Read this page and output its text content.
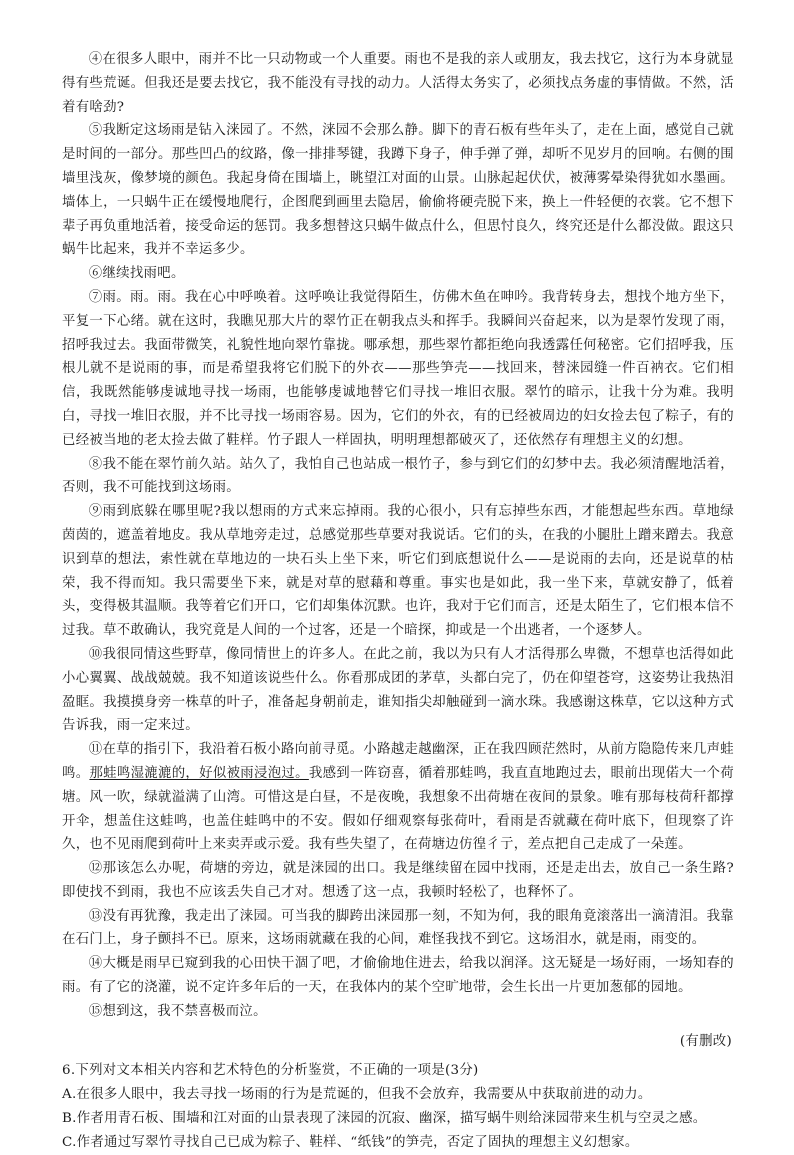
④在很多人眼中，雨并不比一只动物或一个人重要。雨也不是我的亲人或朋友，我去找它，这行为本身就显得有些荒诞。但我还是要去找它，我不能没有寻找的动力。人活得太务实了，必须找点务虚的事情做。不然，活着有啥劲?

⑤我断定这场雨是钻入涞园了。不然，涞园不会那么静。脚下的青石板有些年头了，走在上面，感觉自己就是时间的一部分。那些凹凸的纹路，像一排排琴键，我蹲下身子，伸手弹了弹，却听不见岁月的回响。右侧的围墙里浅灰，像梦境的颜色。我起身倚在围墙上，眺望江对面的山景。山脉起起伏伏，被薄雾晕染得犹如水墨画。墙体上，一只蜗牛正在缓慢地爬行，企图爬到画里去隐居，偷偷将硬壳脱下来，换上一件轻便的衣裳。它不想下辈子再负重地活着，接受命运的惩罚。我多想替这只蜗牛做点什么，但思忖良久，终究还是什么都没做。跟这只蜗牛比起来，我并不幸运多少。

⑥继续找雨吧。

⑦雨。雨。雨。我在心中呼唤着。这呼唤让我觉得陌生，仿佛木鱼在呻吟。我背转身去，想找个地方坐下，平复一下心绪。就在这时，我瞧见那大片的翠竹正在朝我点头和挥手。我瞬间兴奋起来，以为是翠竹发现了雨，招呼我过去。我面带微笑，礼貌性地向翠竹靠拢。哪承想，那些翠竹都拒绝向我透露任何秘密。它们招呼我，压根儿就不是说雨的事，而是希望我将它们脱下的外衣——那些笋壳——找回来，替涞园缝一件百衲衣。它们相信，我既然能够虔诚地寻找一场雨，也能够虔诚地替它们寻找一堆旧衣服。翠竹的暗示，让我十分为难。我明白，寻找一堆旧衣服，并不比寻找一场雨容易。因为，它们的外衣，有的已经被周边的妇女捡去包了粽子，有的已经被当地的老太捡去做了鞋样。竹子跟人一样固执，明明理想都破灭了，还依然存有理想主义的幻想。

⑧我不能在翠竹前久站。站久了，我怕自己也站成一根竹子，参与到它们的幻梦中去。我必须清醒地活着，否则，我不可能找到这场雨。

⑨雨到底躲在哪里呢?我以想雨的方式来忘掉雨。我的心很小，只有忘掉些东西，才能想起些东西。草地绿茵茵的，遮盖着地皮。我从草地旁走过，总感觉那些草要对我说话。它们的头，在我的小腿肚上蹭来蹭去。我意识到草的想法，索性就在草地边的一块石头上坐下来，听它们到底想说什么——是说雨的去向，还是说草的枯荣，我不得而知。我只需要坐下来，就是对草的慰藉和尊重。事实也是如此，我一坐下来，草就安静了，低着头，变得极其温顺。我等着它们开口，它们却集体沉默。也许，我对于它们而言，还是太陌生了，它们根本信不过我。草不敢确认，我究竟是人间的一个过客，还是一个暗探，抑或是一个出逃者，一个逐梦人。

⑩我很同情这些野草，像同情世上的许多人。在此之前，我以为只有人才活得那么卑微，不想草也活得如此小心翼翼、战战兢兢。我不知道该说些什么。你看那成团的茅草，头都白完了，仍在仰望苍穹，这姿势让我热泪盈眶。我摸摸身旁一株草的叶子，准备起身朝前走，谁知指尖却触碰到一滴水珠。我感谢这株草，它以这种方式告诉我，雨一定来过。

⑪在草的指引下，我沿着石板小路向前寻觅。小路越走越幽深，正在我四顾茫然时，从前方隐隐传来几声蛙鸣。那蛙鸣湿漉漉的，好似被雨浸泡过。我感到一阵窃喜，循着那蛙鸣，我直直地跑过去，眼前出现偌大一个荷塘。风一吹，绿就溢满了山湾。可惜这是白昼，不是夜晚，我想象不出荷塘在夜间的景象。唯有那每枝荷秆都撑开伞，想盖住这蛙鸣，也盖住蛙鸣中的不安。假如仔细观察每张荷叶，看雨是否就藏在荷叶底下，但现察了许久，也不见雨爬到荷叶上来卖弄或示爱。我有些失望了，在荷塘边仿徨彳亍，差点把自己走成了一朵莲。

⑫那该怎么办呢，荷塘的旁边，就是涞园的出口。我是继续留在园中找雨，还是走出去，放自己一条生路?即使找不到雨，我也不应该丢失自己才对。想透了这一点，我顿时轻松了，也释怀了。

⑬没有再犹豫，我走出了涞园。可当我的脚跨出涞园那一刻，不知为何，我的眼角竟滚落出一滴清泪。我靠在石门上，身子颤抖不已。原来，这场雨就藏在我的心间，难怪我找不到它。这场泪水，就是雨，雨变的。

⑭大概是雨早已窥到我的心田快干涸了吧，才偷偷地住进去，给我以润泽。这无疑是一场好雨，一场知春的雨。有了它的浇灌，说不定许多年后的一天，在我体内的某个空旷地带，会生长出一片更加葱郁的园地。

⑮想到这，我不禁喜极而泣。

(有删改)

6.下列对文本相关内容和艺术特色的分析鉴赏，不正确的一项是(3分)

A.在很多人眼中，我去寻找一场雨的行为是荒诞的，但我不会放弃，我需要从中获取前进的动力。

B.作者用青石板、围墙和江对面的山景表现了涞园的沉寂、幽深，描写蜗牛则给涞园带来生机与空灵之感。

C.作者通过写翠竹寻找自己已成为粽子、鞋样、“纸钱”的笋壳，否定了固执的理想主义幻想家。
